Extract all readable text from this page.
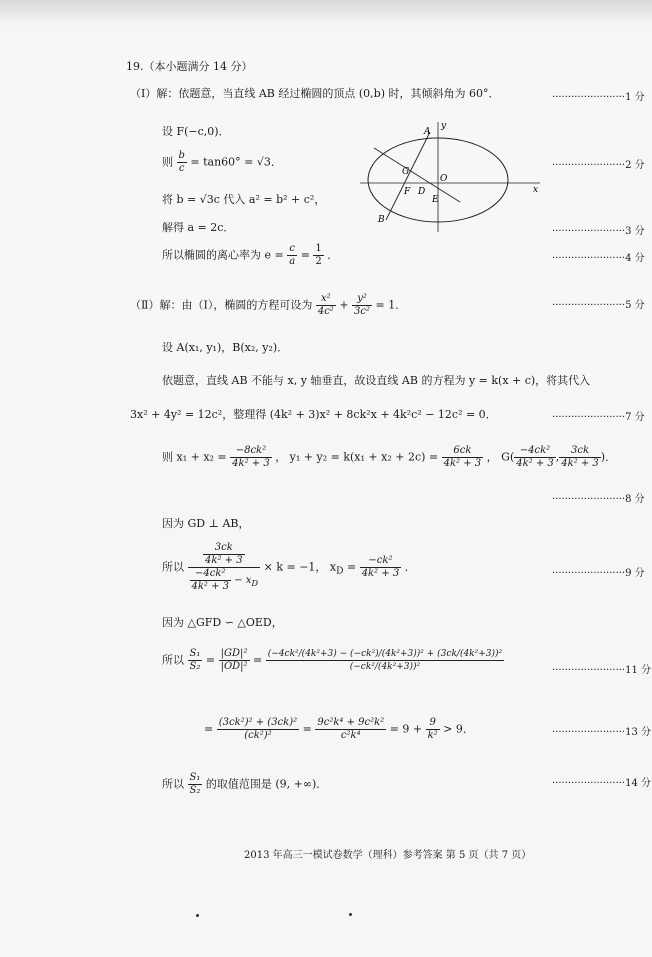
19.（本小题满分 14 分）
（Ⅰ）解：依题意，当直线 AB 经过椭圆的顶点 (0,b) 时，其倾斜角为 60°．
设 F(−c,0)．
则 $\frac{b}{c} = \tan 60^\circ = √3$．
将 b = √3c 代入 a² = b² + c²，
解得 a = 2c．
所以椭圆的离心率为 $e = \frac{c}{a} = \frac{1}{2}$ ．
A
y
G
F D
O
E
x
B
（Ⅱ）解：由（Ⅰ），椭圆的方程可设为 $\frac{\text{x²}}{\text{4c²}} + \frac{\text{y²}}{\text{3c²}} = 1$．
设 A(x₁, y₁)，B(x₂, y₂)．
依题意，直线 AB 不能与 x, y 轴垂直，故设直线 AB 的方程为 y = k(x + c)，将其代入
3x² + 4y² = 12c²，整理得 (4k² + 3)x² + 8ck²x + 4k²c² − 12c² = 0．
则 $x_1 + x_2 = \frac{\text{−8ck²}}{\text{4k² + 3}}$ ， $y_1 + y_2 = k(x_1 + x_2 + 2c) = \frac{6ck}{\text{4k² + 3}}$ ， $G( \frac{\text{−4ck²}}{\text{4k² + 3}}$ , $\frac{3ck}{\text{4k² + 3}}$ )．
因为 GD ⊥ AB，
所以 $\frac{\frac{3ck}{\text{4k² + 3}}}{\frac{\text{−4ck²}}{\text{4k² + 3}} - x_D} \times k = -1$， $x_D = \frac{\text{−ck²}}{\text{4k² + 3}}$ ．
因为 △GFD ∽ △OED，
所以 $\frac{\text{S₁}}{\text{S₂}} = \frac{\text{|GD|²}}{\text{|OD|²}} = \frac{\text{(−4ck²/(4k²+3) − (−ck²)/(4k²+3))² + (3ck/(4k²+3))²}}{\text{(−ck²/(4k²+3))²}}$
= $\frac{\text{(3ck²)² + (3ck)²}}{\text{(ck²)²}} = \frac{\text{9c²k⁴ + 9c²k²}}{\text{c²k⁴}} = 9 + \frac{9}{\text{k²}} > 9$．
所以 $\frac{\text{S₁}}{\text{S₂}}$ 的取值范围是 (9, +∞)．
·······················1 分
·······················2 分
·······················3 分
·······················4 分
·······················5 分
·······················7 分
·······················8 分
·······················9 分
·······················11 分
·······················13 分
·······················14 分
2013 年高三一模试卷数学（理科）参考答案 第 5 页（共 7 页）
